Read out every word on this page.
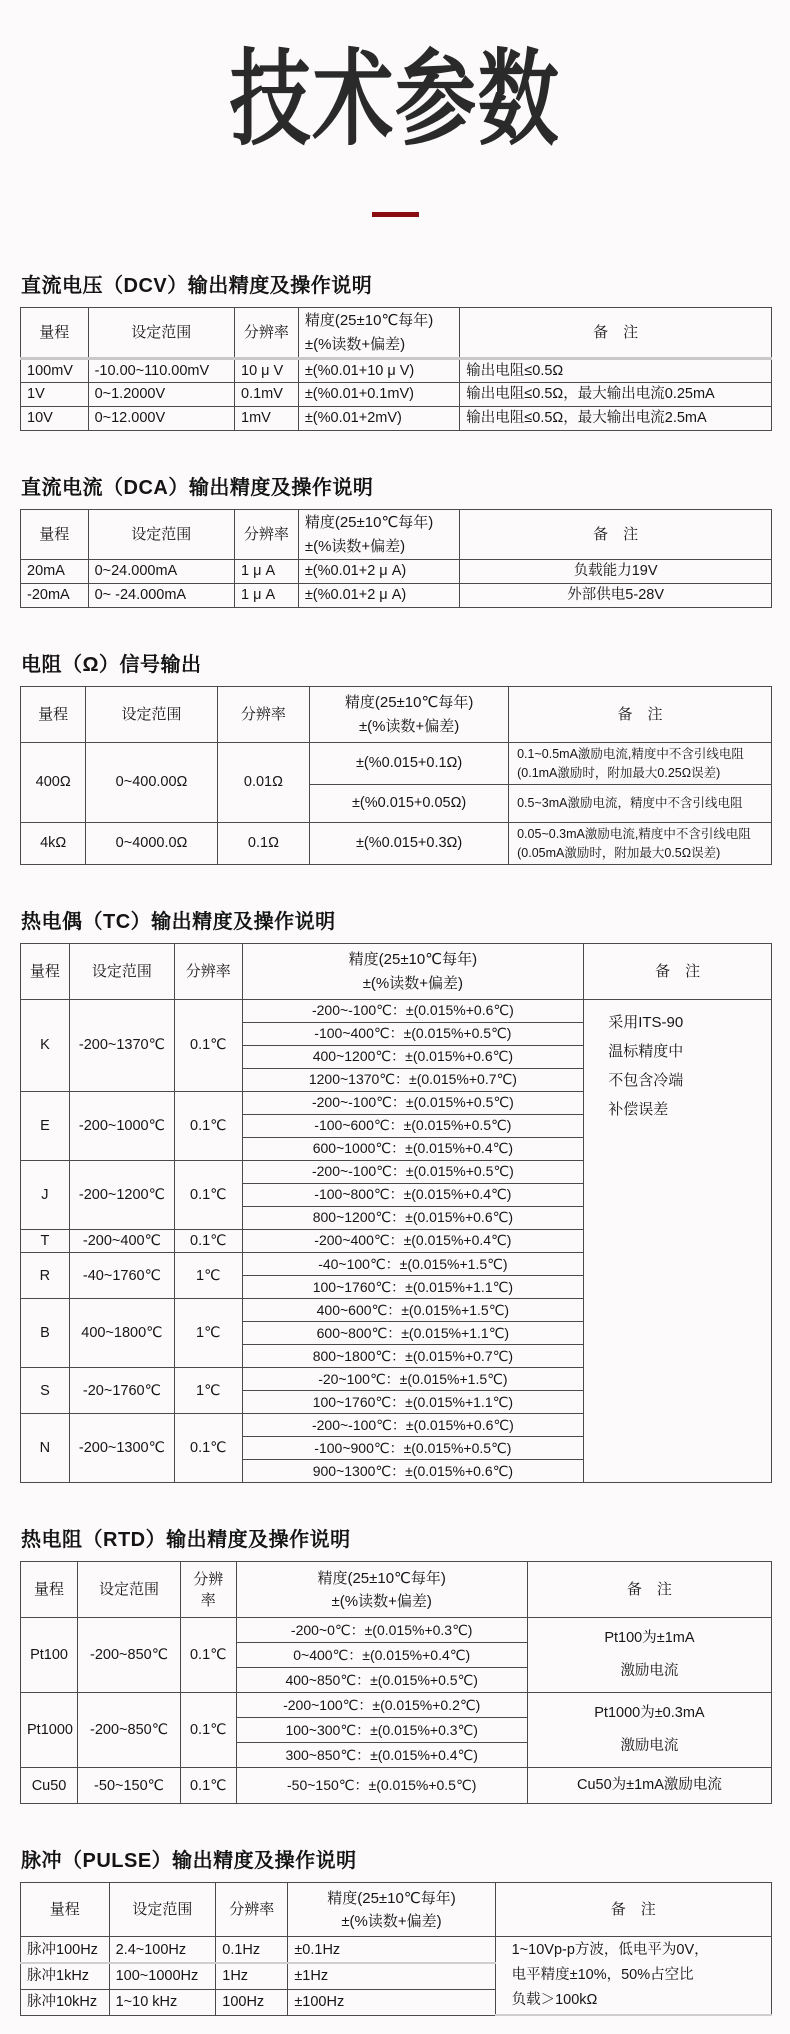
技术参数
直流电压（DCV）输出精度及操作说明
量程	设定范围	分辨率	精度(25±10℃每年)
±(%读数+偏差)	备　注
100mV	-10.00~110.00mV	10 μ V	±(%0.01+10 μ V)	输出电阻≤0.5Ω
1V	0~1.2000V	0.1mV	±(%0.01+0.1mV)	输出电阻≤0.5Ω，最大输出电流0.25mA
10V	0~12.000V	1mV	±(%0.01+2mV)	输出电阻≤0.5Ω，最大输出电流2.5mA
直流电流（DCA）输出精度及操作说明
量程	设定范围	分辨率	精度(25±10℃每年)
±(%读数+偏差)	备　注
20mA	0~24.000mA	1 μ A	±(%0.01+2 μ A)	负载能力19V
-20mA	0~ -24.000mA	1 μ A	±(%0.01+2 μ A)	外部供电5-28V
电阻（Ω）信号输出
量程	设定范围	分辨率	精度(25±10℃每年)
±(%读数+偏差)	备　注
400Ω	0~400.00Ω	0.01Ω	±(%0.015+0.1Ω)	0.1~0.5mA激励电流,精度中不含引线电阻
(0.1mA激励时，附加最大0.25Ω误差)

			±(%0.015+0.05Ω)	0.5~3mA激励电流，精度中不含引线电阻

4kΩ	0~4000.0Ω	0.1Ω	±(%0.015+0.3Ω)	0.05~0.3mA激励电流,精度中不含引线电阻
(0.05mA激励时，附加最大0.5Ω误差)
热电偶（TC）输出精度及操作说明
量程	设定范围	分辨率	精度(25±10℃每年)
±(%读数+偏差)	备　注
K	-200~1370℃	0.1℃	-200~-100℃：±(0.015%+0.6℃)	采用ITS-90
温标精度中
不包含冷端
补偿误差

			-100~400℃：±(0.015%+0.5℃)	
			400~1200℃：±(0.015%+0.6℃)	
			1200~1370℃：±(0.015%+0.7℃)	
E	-200~1000℃	0.1℃	-200~-100℃：±(0.015%+0.5℃)	
			-100~600℃：±(0.015%+0.5℃)	
			600~1000℃：±(0.015%+0.4℃)	
J	-200~1200℃	0.1℃	-200~-100℃：±(0.015%+0.5℃)	
			-100~800℃：±(0.015%+0.4℃)	
			800~1200℃：±(0.015%+0.6℃)	
T	-200~400℃	0.1℃	-200~400℃：±(0.015%+0.4℃)	
R	-40~1760℃	1℃	-40~100℃：±(0.015%+1.5℃)	
			100~1760℃：±(0.015%+1.1℃)	
B	400~1800℃	1℃	400~600℃：±(0.015%+1.5℃)	
			600~800℃：±(0.015%+1.1℃)	
			800~1800℃：±(0.015%+0.7℃)	
S	-20~1760℃	1℃	-20~100℃：±(0.015%+1.5℃)	
			100~1760℃：±(0.015%+1.1℃)	
N	-200~1300℃	0.1℃	-200~-100℃：±(0.015%+0.6℃)	
			-100~900℃：±(0.015%+0.5℃)	
			900~1300℃：±(0.015%+0.6℃)	
热电阻（RTD）输出精度及操作说明
量程	设定范围	分辨率	精度(25±10℃每年)
±(%读数+偏差)	备　注
Pt100	-200~850℃	0.1℃	-200~0℃：±(0.015%+0.3℃)	Pt100为±1mA
激励电流

			0~400℃：±(0.015%+0.4℃)	
			400~850℃：±(0.015%+0.5℃)	
Pt1000	-200~850℃	0.1℃	-200~100℃：±(0.015%+0.2℃)	Pt1000为±0.3mA
激励电流

			100~300℃：±(0.015%+0.3℃)	
			300~850℃：±(0.015%+0.4℃)	
Cu50	-50~150℃	0.1℃	-50~150℃：±(0.015%+0.5℃)	Cu50为±1mA激励电流
脉冲（PULSE）输出精度及操作说明
量程	设定范围	分辨率	精度(25±10℃每年)
±(%读数+偏差)	备　注
脉冲100Hz	2.4~100Hz	0.1Hz	±0.1Hz	1~10Vp-p方波，低电平为0V，
电平精度±10%，50%占空比
负载＞100kΩ

脉冲1kHz	100~1000Hz	1Hz	±1Hz	
脉冲10kHz	1~10 kHz	100Hz	±100Hz	
